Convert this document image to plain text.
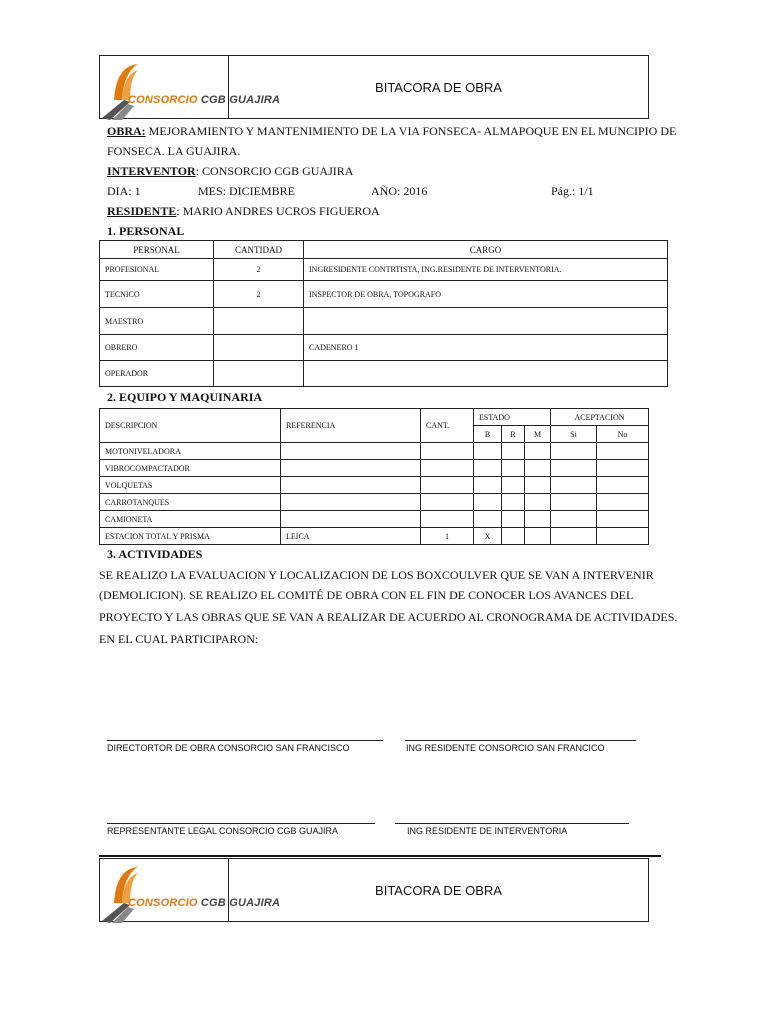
CONSORCIO CGB GUAJIRA
BITACORA DE OBRA
OBRA: MEJORAMIENTO Y MANTENIMIENTO DE LA VIA FONSECA- ALMAPOQUE EN EL MUNCIPIO DE
FONSECA. LA GUAJIRA.
INTERVENTOR: CONSORCIO CGB GUAJIRA
DIA: 1	MES: DICIEMBRE	AÑO: 2016	Pág.: 1/1
RESIDENTE: MARIO ANDRES UCROS FIGUEROA
1. PERSONAL
PERSONAL	CANTIDAD	CARGO
PROFESIONAL	2	INGRESIDENTE CONTRTISTA, ING.RESIDENTE DE INTERVENTORIA.
TECNICO	2	INSPECTOR DE OBRA, TOPOGRAFO
MAESTRO		
OBRERO		CADENERO 1
OPERADOR		
2. EQUIPO Y MAQUINARIA
DESCRIPCION	REFERENCIA	CANT.	ESTADO			ACEPTACION	
			B	R	M	Si	No
MOTONIVELADORA							
VIBROCOMPACTADOR							
VOLQUETAS							
CARROTANQUES							
CAMIONETA							
ESTACION TOTAL Y PRISMA	LEICA	1	X				
3. ACTIVIDADES
SE REALIZO LA EVALUACION Y LOCALIZACION DE LOS BOXCOULVER QUE SE VAN A INTERVENIR
(DEMOLICION). SE REALIZO EL COMITÉ DE OBRA CON EL FIN DE CONOCER LOS AVANCES DEL
PROYECTO Y LAS OBRAS QUE SE VAN A REALIZAR DE ACUERDO AL CRONOGRAMA DE ACTIVIDADES.
EN EL CUAL PARTICIPARON:
DIRECTORTOR DE OBRA CONSORCIO SAN FRANCISCO	ING RESIDENTE CONSORCIO SAN FRANCICO
REPRESENTANTE LEGAL CONSORCIO CGB GUAJIRA	ING RESIDENTE DE INTERVENTORIA
CONSORCIO CGB GUAJIRA
BITACORA DE OBRA
